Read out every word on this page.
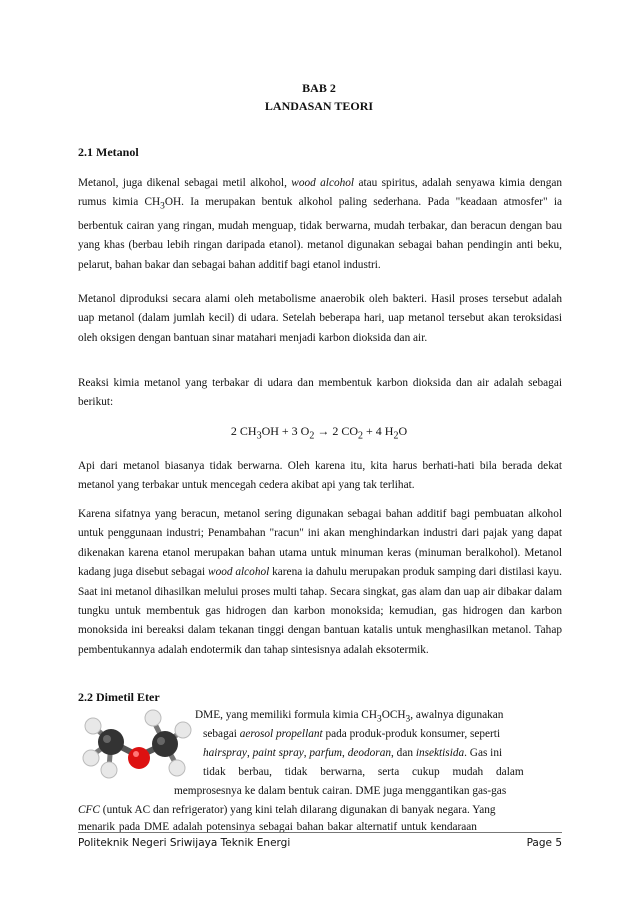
BAB 2
LANDASAN TEORI
2.1 Metanol

Metanol, juga dikenal sebagai metil alkohol, wood alcohol atau spiritus, adalah senyawa kimia dengan rumus kimia $CH_3OH$. Ia merupakan bentuk alkohol paling sederhana. Pada "keadaan atmosfer" ia berbentuk cairan yang ringan, mudah menguap, tidak berwarna, mudah terbakar, dan beracun dengan bau yang khas (berbau lebih ringan daripada etanol). metanol digunakan sebagai bahan pendingin anti beku, pelarut, bahan bakar dan sebagai bahan additif bagi etanol industri.

Metanol diproduksi secara alami oleh metabolisme anaerobik oleh bakteri. Hasil proses tersebut adalah uap metanol (dalam jumlah kecil) di udara. Setelah beberapa hari, uap metanol tersebut akan teroksidasi oleh oksigen dengan bantuan sinar matahari menjadi karbon dioksida dan air.

Reaksi kimia metanol yang terbakar di udara dan membentuk karbon dioksida dan air adalah sebagai berikut:

2 $CH_3OH + 3$ $O_2 \to 2$ $CO_2 + 4$ $H_2O$

Api dari metanol biasanya tidak berwarna. Oleh karena itu, kita harus berhati-hati bila berada dekat metanol yang terbakar untuk mencegah cedera akibat api yang tak terlihat.

Karena sifatnya yang beracun, metanol sering digunakan sebagai bahan additif bagi pembuatan alkohol untuk penggunaan industri; Penambahan "racun" ini akan menghindarkan industri dari pajak yang dapat dikenakan karena etanol merupakan bahan utama untuk minuman keras (minuman beralkohol). Metanol kadang juga disebut sebagai wood alcohol karena ia dahulu merupakan produk samping dari distilasi kayu. Saat ini metanol dihasilkan melului proses multi tahap. Secara singkat, gas alam dan uap air dibakar dalam tungku untuk membentuk gas hidrogen dan karbon monoksida; kemudian, gas hidrogen dan karbon monoksida ini bereaksi dalam tekanan tinggi dengan bantuan katalis untuk menghasilkan metanol. Tahap pembentukannya adalah endotermik dan tahap sintesisnya adalah eksotermik.

2.2 Dimetil Eter
DME, yang memiliki formula kimia $CH_3OCH_3$, awalnya digunakan
sebagai aerosol propellant pada produk-produk konsumer, seperti
hairspray, paint spray, parfum, deodoran, dan insektisida. Gas ini
tidak berbau, tidak berwarna, serta cukup mudah dalam
memprosesnya ke dalam bentuk cairan. DME juga menggantikan gas-gas
CFC (untuk AC dan refrigerator) yang kini telah dilarang digunakan di banyak negara. Yang
menarik pada DME adalah potensinya sebagai bahan bakar alternatif untuk kendaraan
Politeknik Negeri Sriwijaya Teknik Energi	Page 5
